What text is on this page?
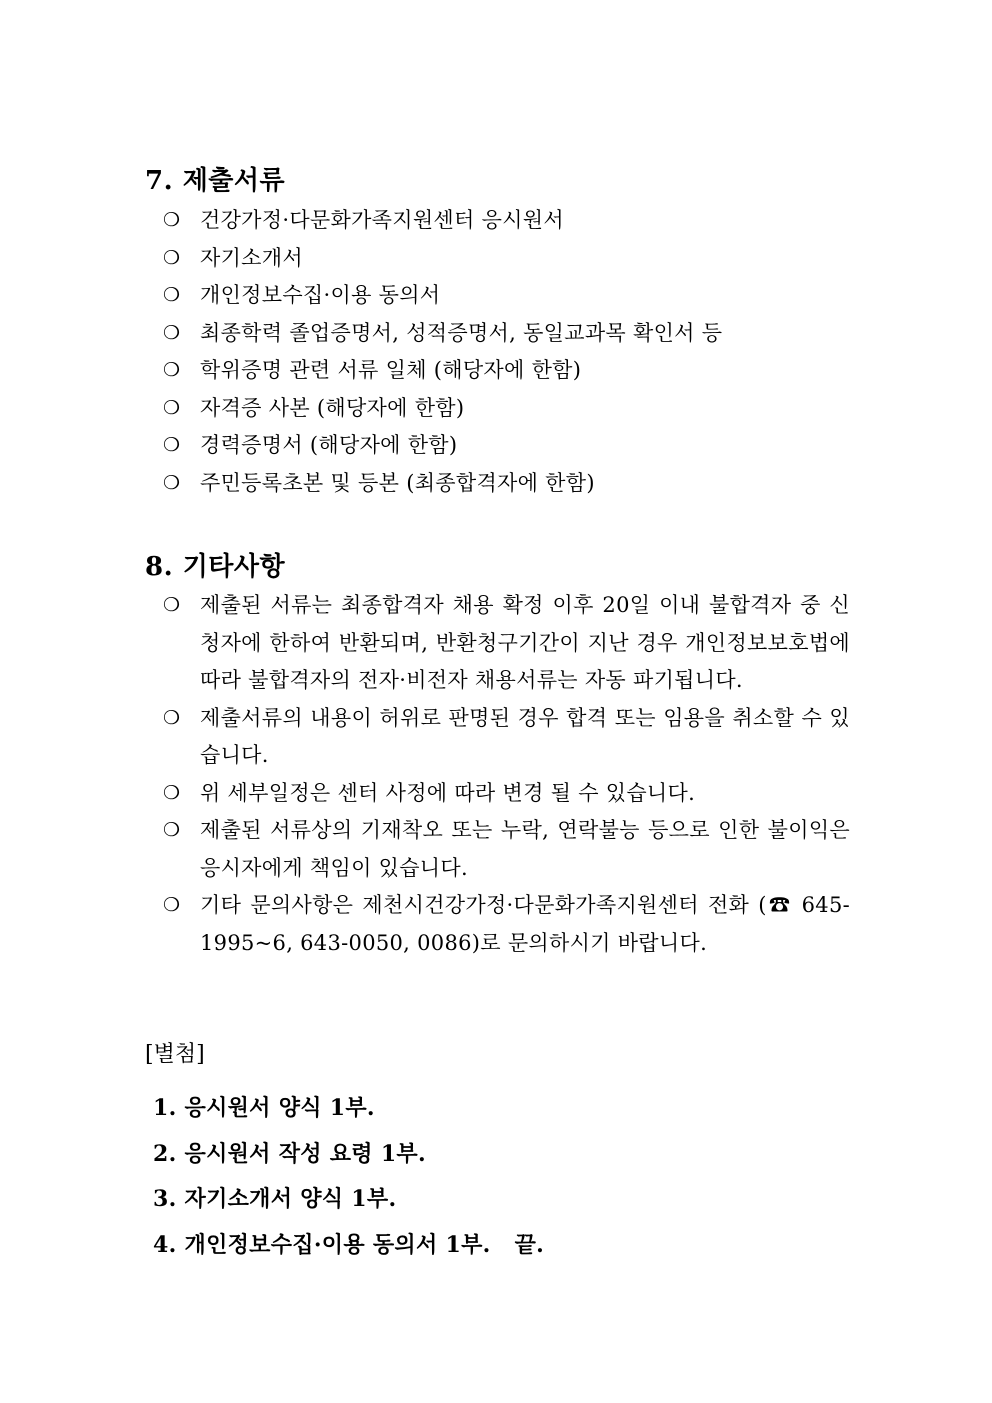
7. 제출서류
❍ 건강가정·다문화가족지원센터 응시원서
❍ 자기소개서
❍ 개인정보수집·이용 동의서
❍ 최종학력 졸업증명서, 성적증명서, 동일교과목 확인서 등
❍ 학위증명 관련 서류 일체 (해당자에 한함)
❍ 자격증 사본 (해당자에 한함)
❍ 경력증명서 (해당자에 한함)
❍ 주민등록초본 및 등본 (최종합격자에 한함)
8. 기타사항
❍ 제출된 서류는 최종합격자 채용 확정 이후 20일 이내 불합격자 중 신청자에 한하여 반환되며, 반환청구기간이 지난 경우 개인정보보호법에 따라 불합격자의 전자·비전자 채용서류는 자동 파기됩니다.
❍ 제출서류의 내용이 허위로 판명된 경우 합격 또는 임용을 취소할 수 있습니다.
❍ 위 세부일정은 센터 사정에 따라 변경 될 수 있습니다.
❍ 제출된 서류상의 기재착오 또는 누락, 연락불능 등으로 인한 불이익은 응시자에게 책임이 있습니다.
❍ 기타 문의사항은 제천시건강가정·다문화가족지원센터 전화 (☎ 645-1995~6, 643-0050, 0086)로 문의하시기 바랍니다.
[별첨]
1. 응시원서 양식 1부.
2. 응시원서 작성 요령 1부.
3. 자기소개서 양식 1부.
4. 개인정보수집·이용 동의서 1부. 끝.
